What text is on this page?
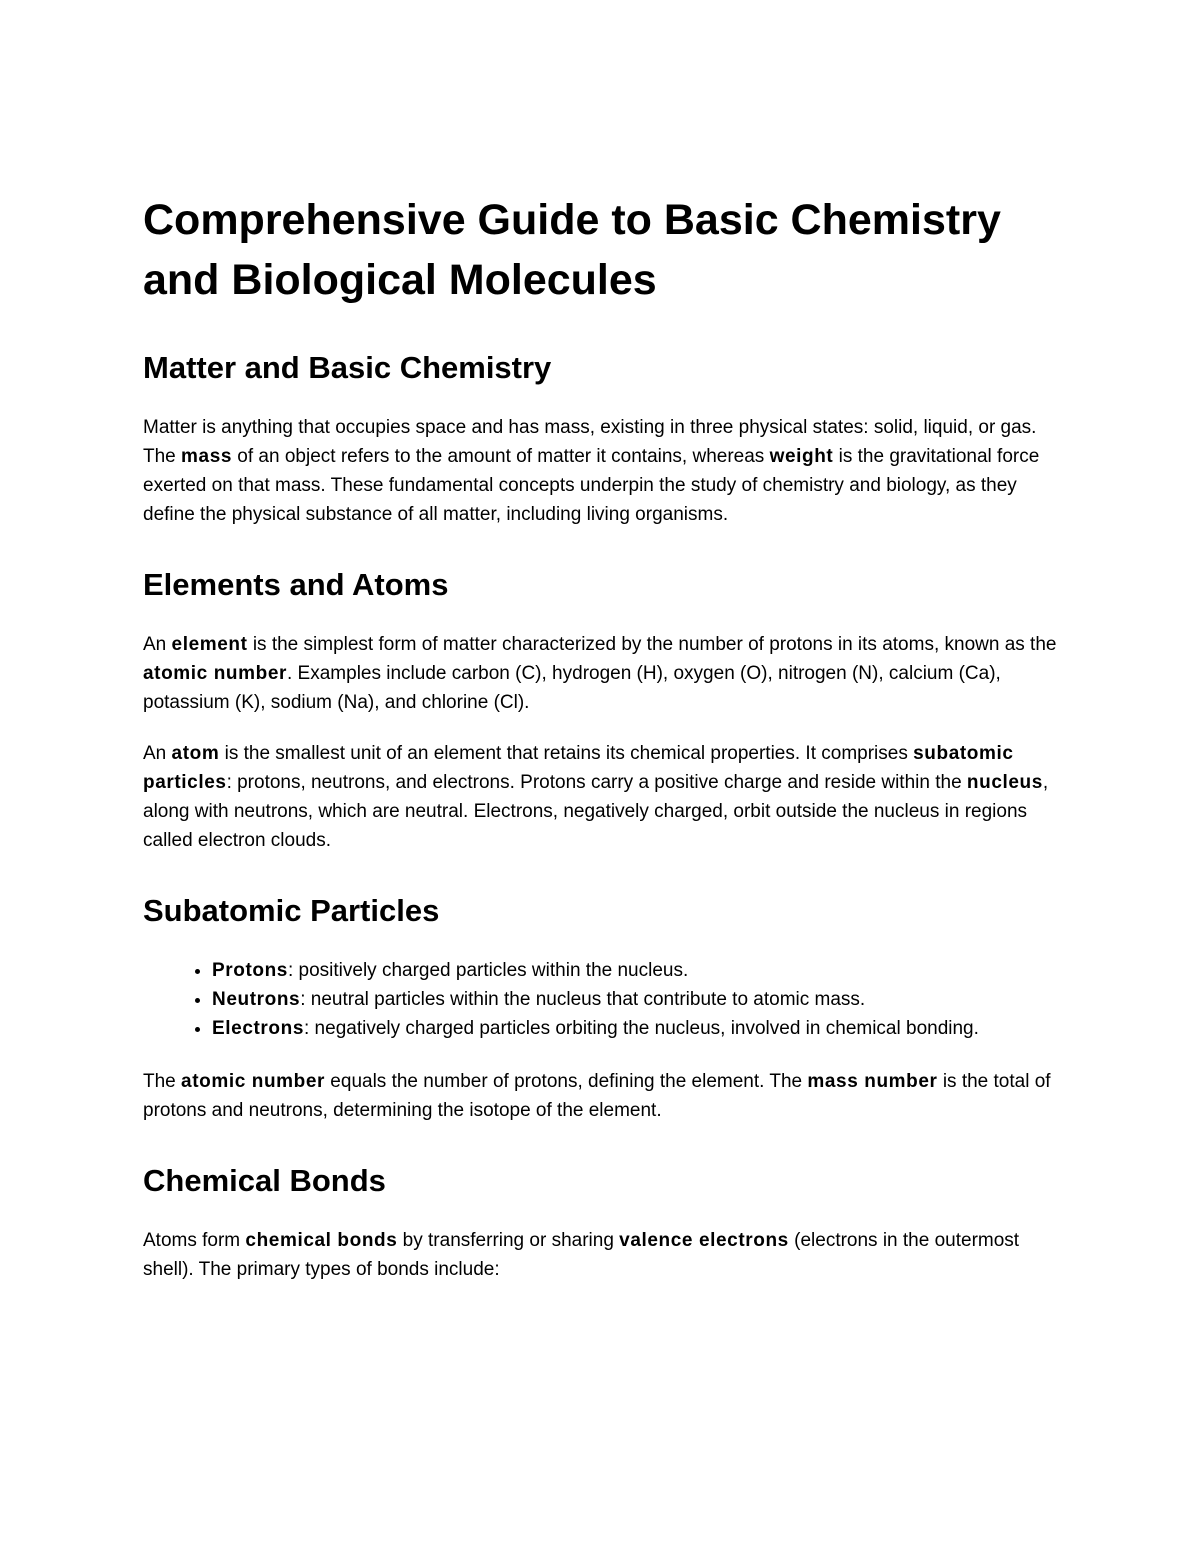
Comprehensive Guide to Basic Chemistry and Biological Molecules
Matter and Basic Chemistry

Matter is anything that occupies space and has mass, existing in three physical states: solid, liquid, or gas. The mass of an object refers to the amount of matter it contains, whereas weight is the gravitational force exerted on that mass. These fundamental concepts underpin the study of chemistry and biology, as they define the physical substance of all matter, including living organisms.

Elements and Atoms

An element is the simplest form of matter characterized by the number of protons in its atoms, known as the atomic number. Examples include carbon (C), hydrogen (H), oxygen (O), nitrogen (N), calcium (Ca), potassium (K), sodium (Na), and chlorine (Cl).

An atom is the smallest unit of an element that retains its chemical properties. It comprises subatomic particles: protons, neutrons, and electrons. Protons carry a positive charge and reside within the nucleus, along with neutrons, which are neutral. Electrons, negatively charged, orbit outside the nucleus in regions called electron clouds.

Subatomic Particles
• Protons: positively charged particles within the nucleus.
• Neutrons: neutral particles within the nucleus that contribute to atomic mass.
• Electrons: negatively charged particles orbiting the nucleus, involved in chemical bonding.

The atomic number equals the number of protons, defining the element. The mass number is the total of protons and neutrons, determining the isotope of the element.

Chemical Bonds

Atoms form chemical bonds by transferring or sharing valence electrons (electrons in the outermost shell). The primary types of bonds include:
